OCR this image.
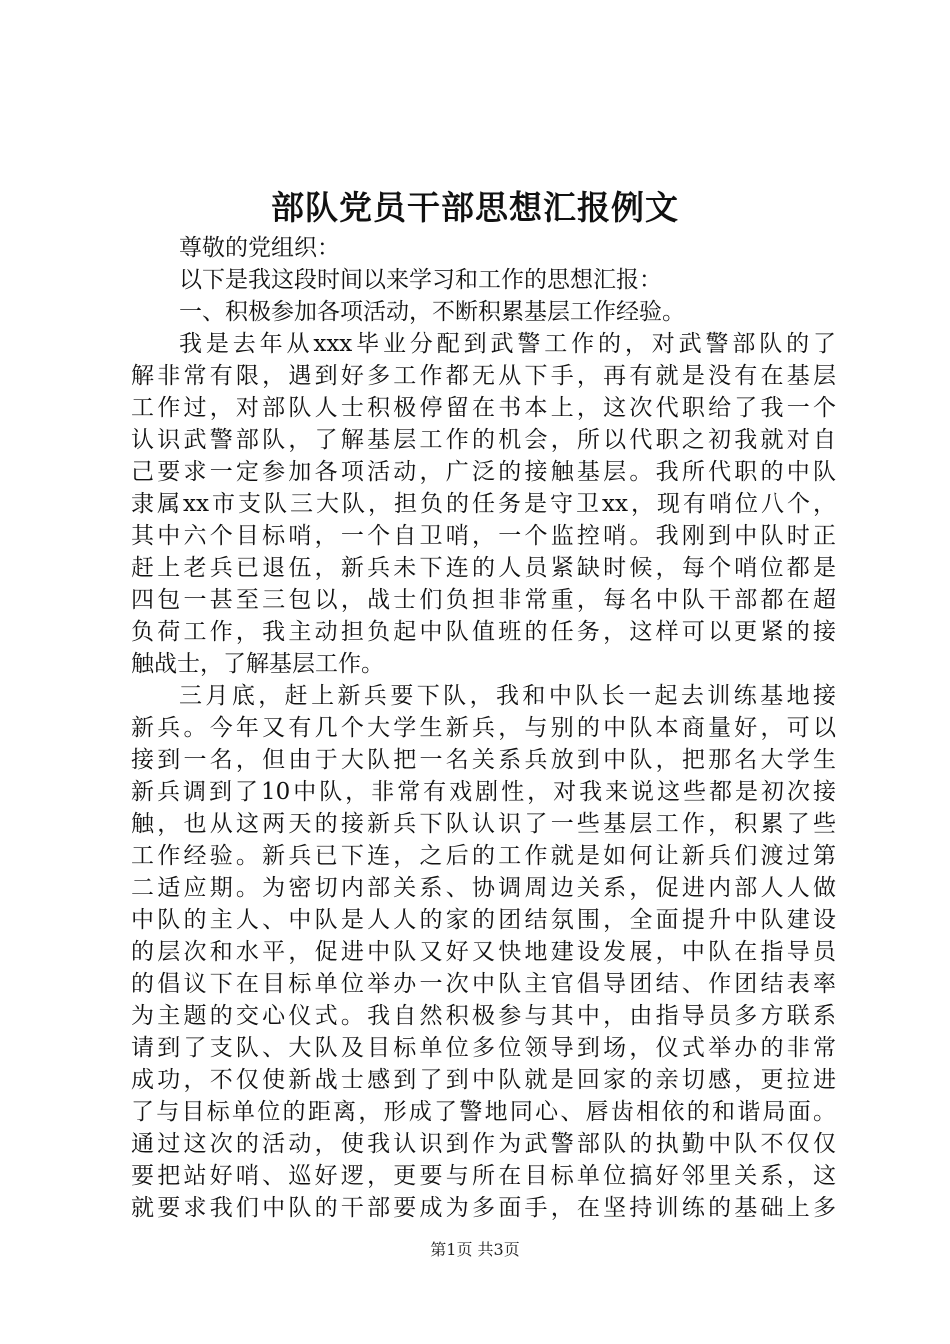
部队党员干部思想汇报例文
尊敬的党组织：
以下是我这段时间以来学习和工作的思想汇报：
一、积极参加各项活动，不断积累基层工作经验。
我是去年从xxx毕业分配到武警工作的，对武警部队的了
解非常有限，遇到好多工作都无从下手，再有就是没有在基层
工作过，对部队人士积极停留在书本上，这次代职给了我一个
认识武警部队，了解基层工作的机会，所以代职之初我就对自
己要求一定参加各项活动，广泛的接触基层。我所代职的中队
隶属xx市支队三大队，担负的任务是守卫xx，现有哨位八个，
其中六个目标哨，一个自卫哨，一个监控哨。我刚到中队时正
赶上老兵已退伍，新兵未下连的人员紧缺时候，每个哨位都是
四包一甚至三包以，战士们负担非常重，每名中队干部都在超
负荷工作，我主动担负起中队值班的任务，这样可以更紧的接
触战士，了解基层工作。
三月底，赶上新兵要下队，我和中队长一起去训练基地接
新兵。今年又有几个大学生新兵，与别的中队本商量好，可以
接到一名，但由于大队把一名关系兵放到中队，把那名大学生
新兵调到了10中队，非常有戏剧性，对我来说这些都是初次接
触，也从这两天的接新兵下队认识了一些基层工作，积累了些
工作经验。新兵已下连，之后的工作就是如何让新兵们渡过第
二适应期。为密切内部关系、协调周边关系，促进内部人人做
中队的主人、中队是人人的家的团结氛围，全面提升中队建设
的层次和水平，促进中队又好又快地建设发展，中队在指导员
的倡议下在目标单位举办一次中队主官倡导团结、作团结表率
为主题的交心仪式。我自然积极参与其中，由指导员多方联系
请到了支队、大队及目标单位多位领导到场，仪式举办的非常
成功，不仅使新战士感到了到中队就是回家的亲切感，更拉进
了与目标单位的距离，形成了警地同心、唇齿相依的和谐局面。
通过这次的活动，使我认识到作为武警部队的执勤中队不仅仅
要把站好哨、巡好逻，更要与所在目标单位搞好邻里关系，这
就要求我们中队的干部要成为多面手，在坚持训练的基础上多
第1页 共3页
